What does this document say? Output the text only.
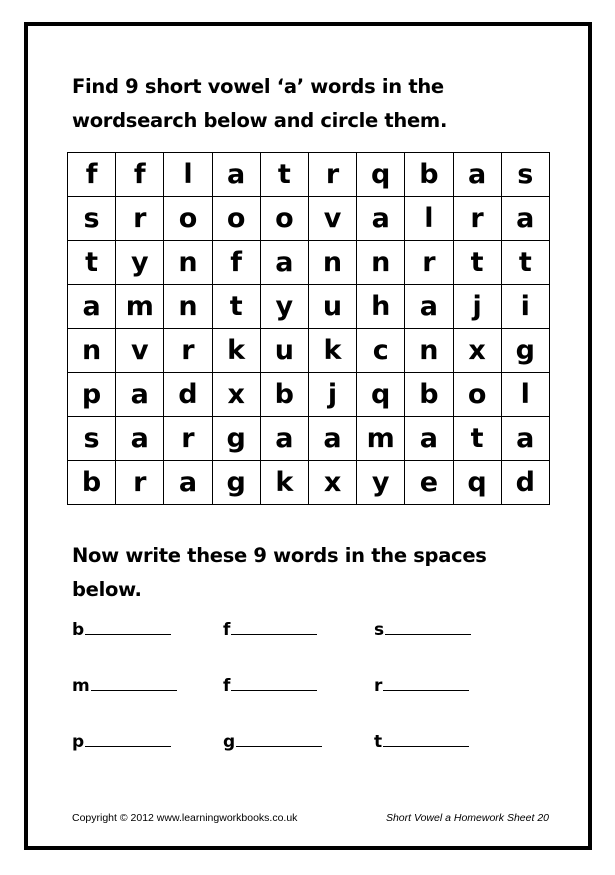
Find 9 short vowel ‘a’ words in the
wordsearch below and circle them.
f	f	l	a	t	r	q	b	a	s
s	r	o	o	o	v	a	l	r	a
t	y	n	f	a	n	n	r	t	t
a	m	n	t	y	u	h	a	j	i
n	v	r	k	u	k	c	n	x	g
p	a	d	x	b	j	q	b	o	l
s	a	r	g	a	a	m	a	t	a
b	r	a	g	k	x	y	e	q	d
Now write these 9 words in the spaces
below.
b	f	s
m	f	r
p	g	t
Copyright © 2012 www.learningworkbooks.co.uk	Short Vowel a Homework Sheet 20
